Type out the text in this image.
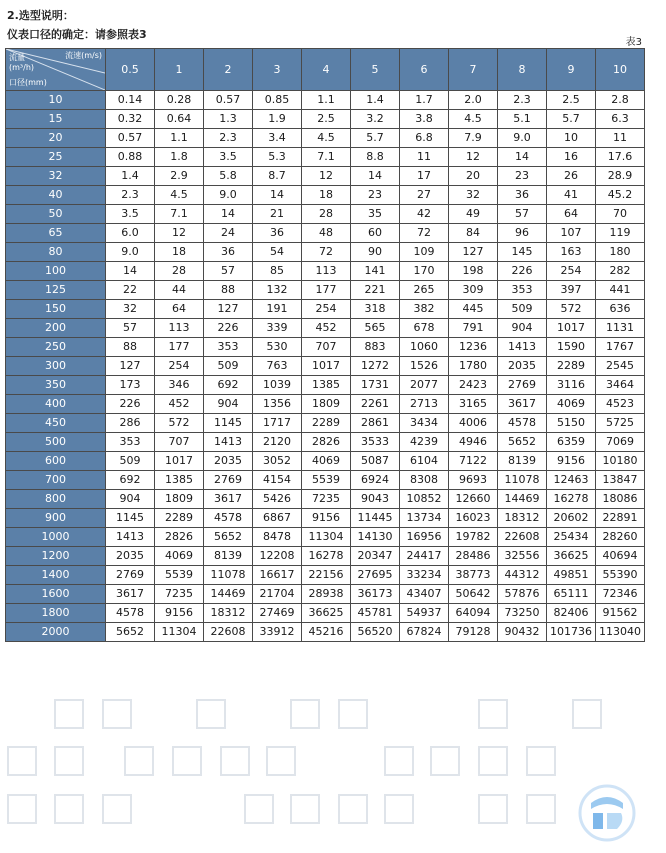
2.选型说明：
仪表口径的确定：请参照表3
表3
流速(m/s)
流量
(m³/h)
口径(mm)	0.5	1	2	3	4	5	6	7	8	9	10
10	0.14	0.28	0.57	0.85	1.1	1.4	1.7	2.0	2.3	2.5	2.8
15	0.32	0.64	1.3	1.9	2.5	3.2	3.8	4.5	5.1	5.7	6.3
20	0.57	1.1	2.3	3.4	4.5	5.7	6.8	7.9	9.0	10	11
25	0.88	1.8	3.5	5.3	7.1	8.8	11	12	14	16	17.6
32	1.4	2.9	5.8	8.7	12	14	17	20	23	26	28.9
40	2.3	4.5	9.0	14	18	23	27	32	36	41	45.2
50	3.5	7.1	14	21	28	35	42	49	57	64	70
65	6.0	12	24	36	48	60	72	84	96	107	119
80	9.0	18	36	54	72	90	109	127	145	163	180
100	14	28	57	85	113	141	170	198	226	254	282
125	22	44	88	132	177	221	265	309	353	397	441
150	32	64	127	191	254	318	382	445	509	572	636
200	57	113	226	339	452	565	678	791	904	1017	1131
250	88	177	353	530	707	883	1060	1236	1413	1590	1767
300	127	254	509	763	1017	1272	1526	1780	2035	2289	2545
350	173	346	692	1039	1385	1731	2077	2423	2769	3116	3464
400	226	452	904	1356	1809	2261	2713	3165	3617	4069	4523
450	286	572	1145	1717	2289	2861	3434	4006	4578	5150	5725
500	353	707	1413	2120	2826	3533	4239	4946	5652	6359	7069
600	509	1017	2035	3052	4069	5087	6104	7122	8139	9156	10180
700	692	1385	2769	4154	5539	6924	8308	9693	11078	12463	13847
800	904	1809	3617	5426	7235	9043	10852	12660	14469	16278	18086
900	1145	2289	4578	6867	9156	11445	13734	16023	18312	20602	22891
1000	1413	2826	5652	8478	11304	14130	16956	19782	22608	25434	28260
1200	2035	4069	8139	12208	16278	20347	24417	28486	32556	36625	40694
1400	2769	5539	11078	16617	22156	27695	33234	38773	44312	49851	55390
1600	3617	7235	14469	21704	28938	36173	43407	50642	57876	65111	72346
1800	4578	9156	18312	27469	36625	45781	54937	64094	73250	82406	91562
2000	5652	11304	22608	33912	45216	56520	67824	79128	90432	101736	113040
